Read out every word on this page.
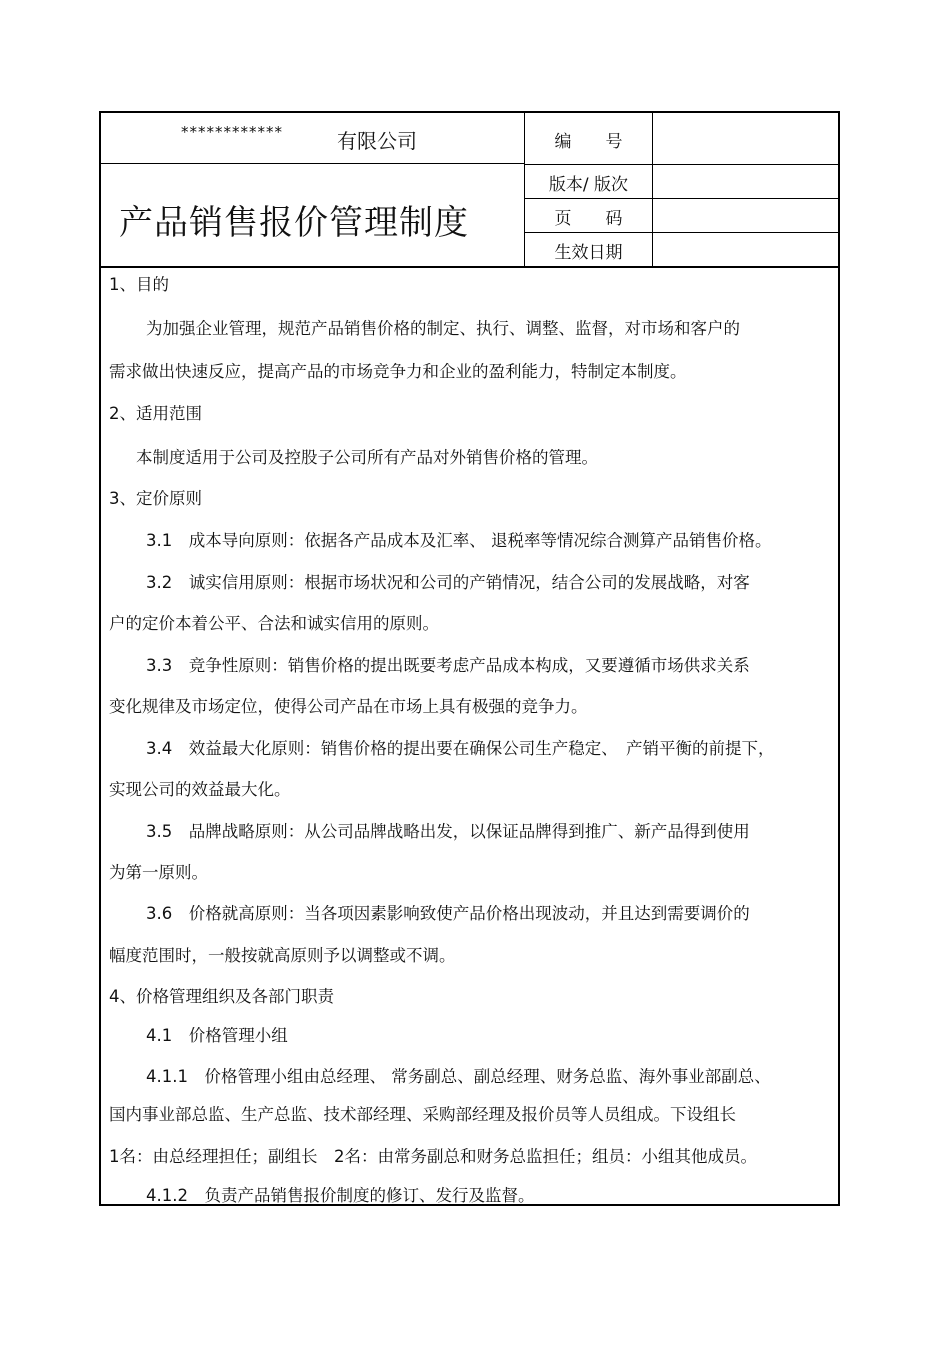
************	有限公司
产品销售报价管理制度
编　　号
版本/ 版次
页　　码
生效日期
1、目的
为加强企业管理，规范产品销售价格的制定、执行、调整、监督，对市场和客户的
需求做出快速反应，提高产品的市场竞争力和企业的盈利能力，特制定本制度。
2、适用范围
本制度适用于公司及控股子公司所有产品对外销售价格的管理。
3、定价原则
3.1　成本导向原则：依据各产品成本及汇率、 退税率等情况综合测算产品销售价格。
3.2　诚实信用原则：根据市场状况和公司的产销情况，结合公司的发展战略，对客
户的定价本着公平、合法和诚实信用的原则。
3.3　竞争性原则：销售价格的提出既要考虑产品成本构成，又要遵循市场供求关系
变化规律及市场定位，使得公司产品在市场上具有极强的竞争力。
3.4　效益最大化原则：销售价格的提出要在确保公司生产稳定、　产销平衡的前提下，
实现公司的效益最大化。
3.5　品牌战略原则：从公司品牌战略出发，以保证品牌得到推广、新产品得到使用
为第一原则。
3.6　价格就高原则：当各项因素影响致使产品价格出现波动，并且达到需要调价的
幅度范围时，一般按就高原则予以调整或不调。
4、价格管理组织及各部门职责
4.1　价格管理小组
4.1.1　价格管理小组由总经理、 常务副总、副总经理、财务总监、海外事业部副总、
国内事业部总监、生产总监、技术部经理、采购部经理及报价员等人员组成。下设组长
1名：由总经理担任；副组长　2名：由常务副总和财务总监担任；组员：小组其他成员。
4.1.2　负责产品销售报价制度的修订、发行及监督。
